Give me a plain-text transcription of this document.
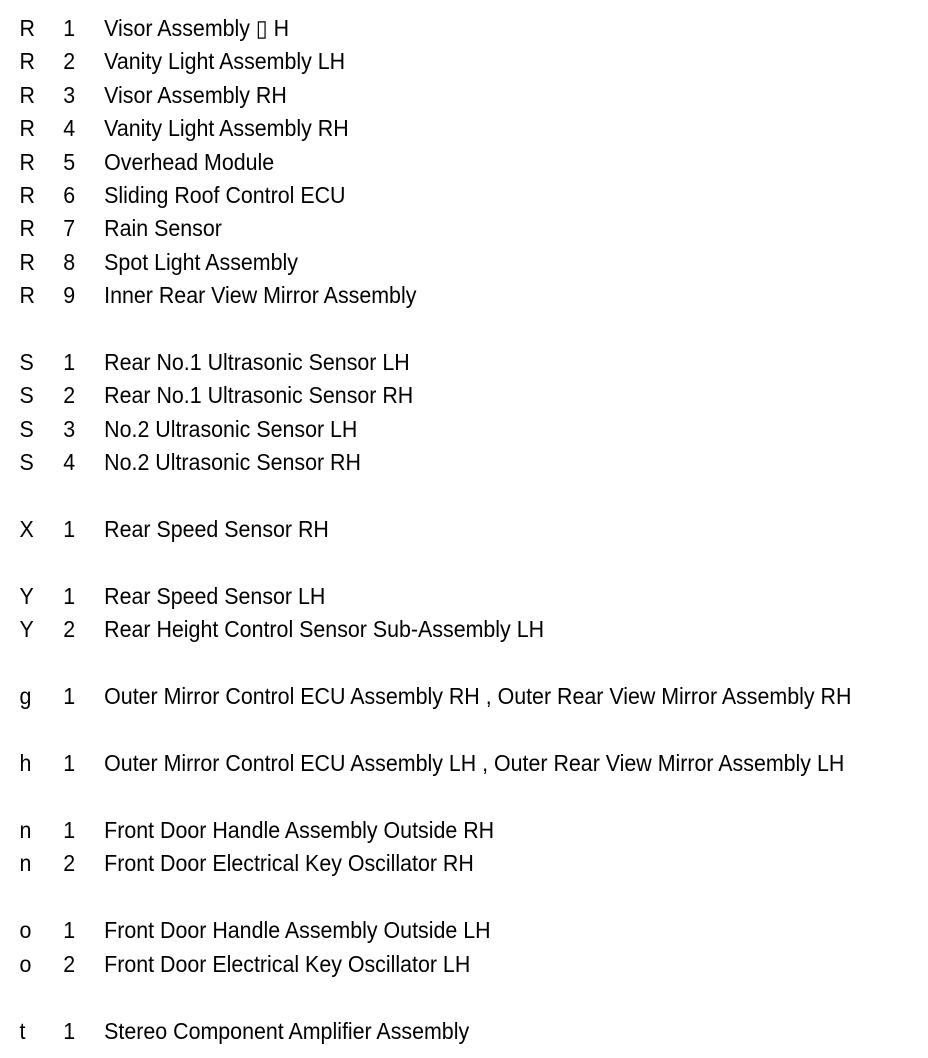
R 1 Visor Assembly ▯ H
R 2 Vanity Light Assembly LH
R 3 Visor Assembly RH
R 4 Vanity Light Assembly RH
R 5 Overhead Module
R 6 Sliding Roof Control ECU
R 7 Rain Sensor
R 8 Spot Light Assembly
R 9 Inner Rear View Mirror Assembly
S 1 Rear No.1 Ultrasonic Sensor LH
S 2 Rear No.1 Ultrasonic Sensor RH
S 3 No.2 Ultrasonic Sensor LH
S 4 No.2 Ultrasonic Sensor RH
X 1 Rear Speed Sensor RH
Y 1 Rear Speed Sensor LH
Y 2 Rear Height Control Sensor Sub-Assembly LH
g 1 Outer Mirror Control ECU Assembly RH , Outer Rear View Mirror Assembly RH
h 1 Outer Mirror Control ECU Assembly LH , Outer Rear View Mirror Assembly LH
n 1 Front Door Handle Assembly Outside RH
n 2 Front Door Electrical Key Oscillator RH
o 1 Front Door Handle Assembly Outside LH
o 2 Front Door Electrical Key Oscillator LH
t 1 Stereo Component Amplifier Assembly
